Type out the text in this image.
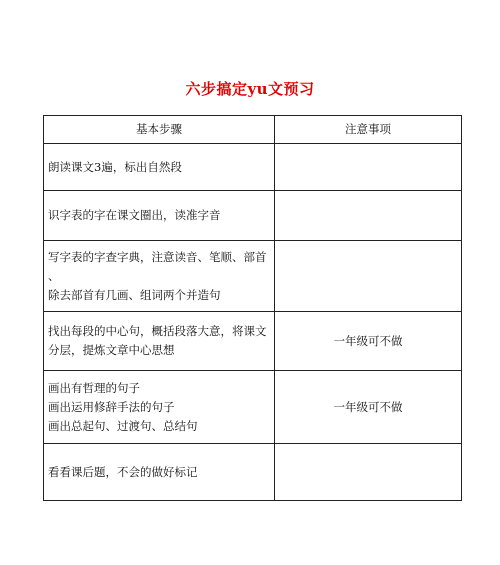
六步搞定yu文预习
基本步骤	注意事项

朗读课文3遍，标出自然段	

识字表的字在课文圈出，读准字音	

写字表的字查字典，注意读音、笔顺、部首
、
除去部首有几画、组词两个并造句	

找出每段的中心句，概括段落大意，将课文
分层，提炼文章中心思想	一年级可不做

画出有哲理的句子
画出运用修辞手法的句子
画出总起句、过渡句、总结句	一年级可不做

看看课后题，不会的做好标记	
